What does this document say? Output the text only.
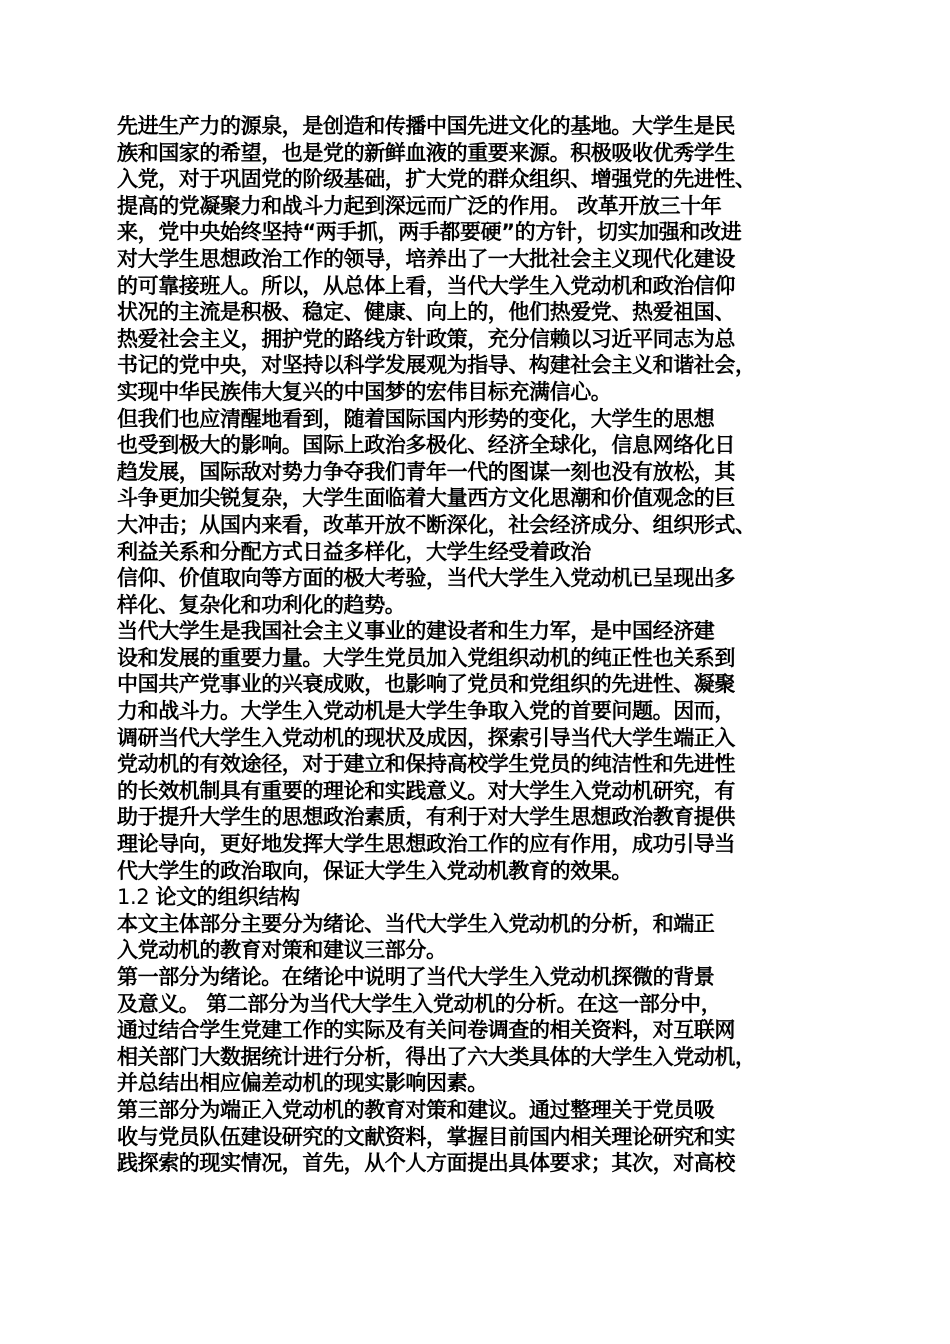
先进生产力的源泉，是创造和传播中国先进文化的基地。大学生是民
族和国家的希望，也是党的新鲜血液的重要来源。积极吸收优秀学生
入党，对于巩固党的阶级基础，扩大党的群众组织、增强党的先进性、
提高的党凝聚力和战斗力起到深远而广泛的作用。 改革开放三十年
来，党中央始终坚持“两手抓，两手都要硬”的方针，切实加强和改进
对大学生思想政治工作的领导，培养出了一大批社会主义现代化建设
的可靠接班人。所以，从总体上看，当代大学生入党动机和政治信仰
状况的主流是积极、稳定、健康、向上的，他们热爱党、热爱祖国、
热爱社会主义，拥护党的路线方针政策，充分信赖以习近平同志为总
书记的党中央，对坚持以科学发展观为指导、构建社会主义和谐社会，
实现中华民族伟大复兴的中国梦的宏伟目标充满信心。
但我们也应清醒地看到，随着国际国内形势的变化，大学生的思想
也受到极大的影响。国际上政治多极化、经济全球化，信息网络化日
趋发展，国际敌对势力争夺我们青年一代的图谋一刻也没有放松，其
斗争更加尖锐复杂，大学生面临着大量西方文化思潮和价值观念的巨
大冲击；从国内来看，改革开放不断深化，社会经济成分、组织形式、
利益关系和分配方式日益多样化，大学生经受着政治
信仰、价值取向等方面的极大考验，当代大学生入党动机已呈现出多
样化、复杂化和功利化的趋势。
当代大学生是我国社会主义事业的建设者和生力军，是中国经济建
设和发展的重要力量。大学生党员加入党组织动机的纯正性也关系到
中国共产党事业的兴衰成败，也影响了党员和党组织的先进性、凝聚
力和战斗力。大学生入党动机是大学生争取入党的首要问题。因而，
调研当代大学生入党动机的现状及成因，探索引导当代大学生端正入
党动机的有效途径，对于建立和保持高校学生党员的纯洁性和先进性
的长效机制具有重要的理论和实践意义。对大学生入党动机研究，有
助于提升大学生的思想政治素质，有利于对大学生思想政治教育提供
理论导向，更好地发挥大学生思想政治工作的应有作用，成功引导当
代大学生的政治取向，保证大学生入党动机教育的效果。
1.2 论文的组织结构
本文主体部分主要分为绪论、当代大学生入党动机的分析，和端正
入党动机的教育对策和建议三部分。
第一部分为绪论。在绪论中说明了当代大学生入党动机探微的背景
及意义。 第二部分为当代大学生入党动机的分析。在这一部分中，
通过结合学生党建工作的实际及有关问卷调查的相关资料，对互联网
相关部门大数据统计进行分析，得出了六大类具体的大学生入党动机，
并总结出相应偏差动机的现实影响因素。
第三部分为端正入党动机的教育对策和建议。通过整理关于党员吸
收与党员队伍建设研究的文献资料，掌握目前国内相关理论研究和实
践探索的现实情况，首先，从个人方面提出具体要求；其次，对高校
